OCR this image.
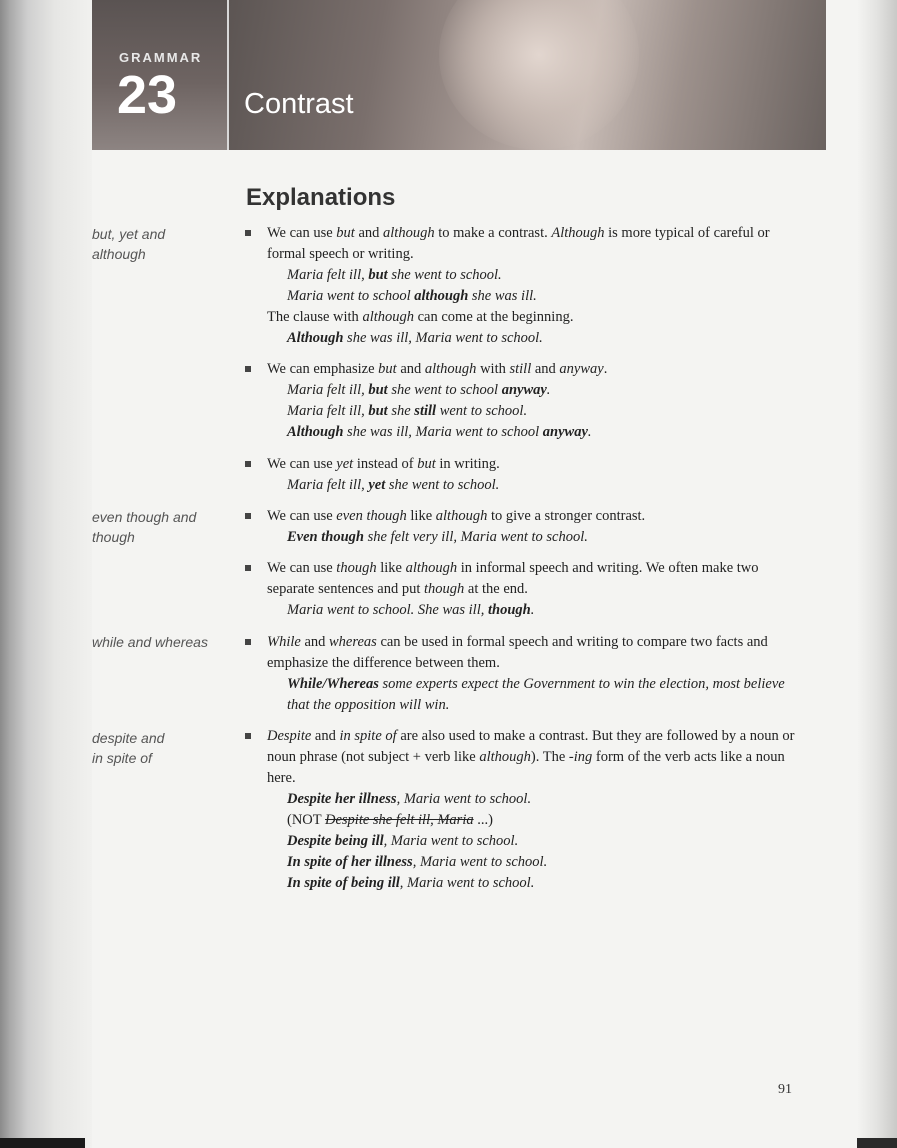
GRAMMAR
23 Contrast
Explanations
but, yet and
although
even though and
though
while and whereas
despite and
in spite of
We can use but and although to make a contrast. Although is more typical of careful or formal speech or writing.
Maria felt ill, but she went to school.
Maria went to school although she was ill.
The clause with although can come at the beginning.
Although she was ill, Maria went to school.
We can emphasize but and although with still and anyway.
Maria felt ill, but she went to school anyway.
Maria felt ill, but she still went to school.
Although she was ill, Maria went to school anyway.
We can use yet instead of but in writing.
Maria felt ill, yet she went to school.
We can use even though like although to give a stronger contrast.
Even though she felt very ill, Maria went to school.
We can use though like although in informal speech and writing. We often make two separate sentences and put though at the end.
Maria went to school. She was ill, though.
While and whereas can be used in formal speech and writing to compare two facts and emphasize the difference between them.
While/Whereas some experts expect the Government to win the election, most believe that the opposition will win.
Despite and in spite of are also used to make a contrast. But they are followed by a noun or noun phrase (not subject + verb like although). The -ing form of the verb acts like a noun here.
Despite her illness, Maria went to school.
(NOT Despite she felt ill, Maria ...)
Despite being ill, Maria went to school.
In spite of her illness, Maria went to school.
In spite of being ill, Maria went to school.
91
